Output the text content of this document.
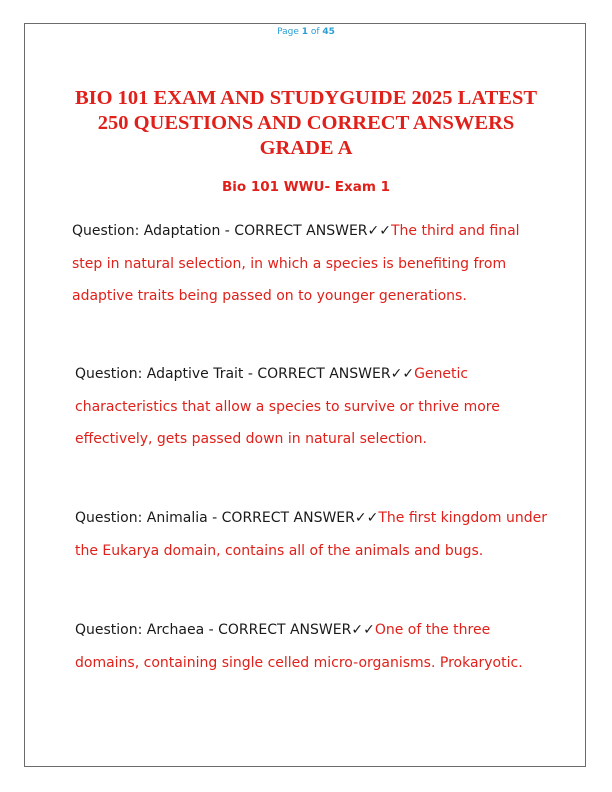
Page 1 of 45
BIO 101 EXAM AND STUDYGUIDE 2025 LATEST 250 QUESTIONS AND CORRECT ANSWERS GRADE A
Bio 101 WWU- Exam 1

Question: Adaptation - CORRECT ANSWER✓✓The third and final step in natural selection, in which a species is benefiting from adaptive traits being passed on to younger generations.

Question: Adaptive Trait - CORRECT ANSWER✓✓Genetic characteristics that allow a species to survive or thrive more effectively, gets passed down in natural selection.

Question: Animalia - CORRECT ANSWER✓✓The first kingdom under the Eukarya domain, contains all of the animals and bugs.

Question: Archaea - CORRECT ANSWER✓✓One of the three domains, containing single celled micro-organisms. Prokaryotic.
